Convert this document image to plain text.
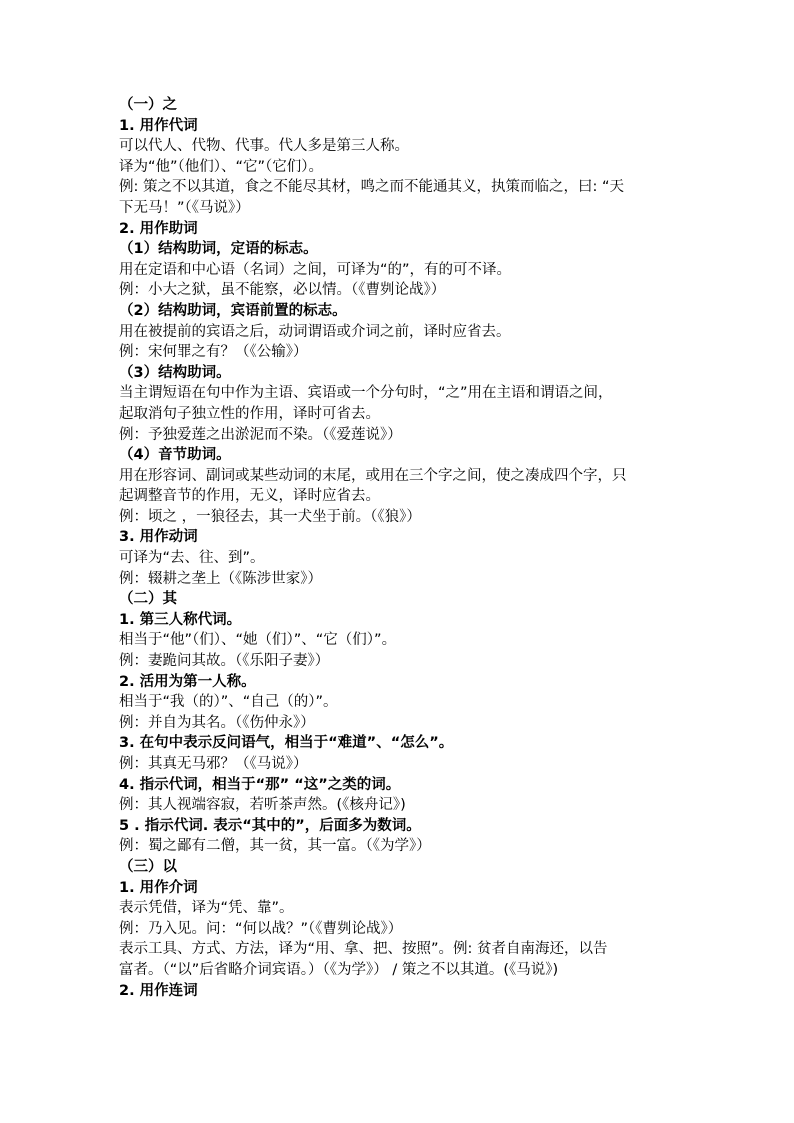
（一）之
1. 用作代词
可以代人、代物、代事。代人多是第三人称。
译为“他”（他们）、“它”（它们）。
例: 策之不以其道，食之不能尽其材，鸣之而不能通其义，执策而临之，曰: “天
下无马！”（《马说》）
2. 用作助词
（1）结构助词，定语的标志。
用在定语和中心语（名词）之间，可译为“的”，有的可不译。
例：小大之狱，虽不能察，必以情。（《曹刿论战》）
（2）结构助词，宾语前置的标志。
用在被提前的宾语之后，动词谓语或介词之前，译时应省去。
例：宋何罪之有？（《公输》）
（3）结构助词。
当主谓短语在句中作为主语、宾语或一个分句时，“之”用在主语和谓语之间，
起取消句子独立性的作用，译时可省去。
例：予独爱莲之出淤泥而不染。（《爱莲说》）
（4）音节助词。
用在形容词、副词或某些动词的末尾，或用在三个字之间，使之凑成四个字，只
起调整音节的作用，无义，译时应省去。
例：顷之 ，一狼径去，其一犬坐于前。（《狼》）
3. 用作动词
可译为“去、往、到”。
例：辍耕之垄上（《陈涉世家》）
（二）其
1. 第三人称代词。
相当于“他”（们）、“她（们）”、“它（们）”。
例：妻跪问其故。（《乐阳子妻》）
2. 活用为第一人称。
相当于“我（的）”、“自己（的）”。
例：并自为其名。（《伤仲永》）
3. 在句中表示反问语气，相当于“难道”、“怎么”。
例：其真无马邪？（《马说》）
4. 指示代词，相当于“那” “这”之类的词。
例：其人视端容寂，若听茶声然。(《核舟记》)
5 . 指示代词. 表示“其中的”，后面多为数词。
例：蜀之鄙有二僧，其一贫，其一富。（《为学》）
（三）以
1. 用作介词
表示凭借，译为“凭、靠”。
例：乃入见。问：“何以战？”（《曹刿论战》）
表示工具、方式、方法，译为“用、拿、把、按照”。例: 贫者自南海还，以告
富者。（“以”后省略介词宾语。）（《为学》） / 策之不以其道。(《马说》)
2. 用作连词
